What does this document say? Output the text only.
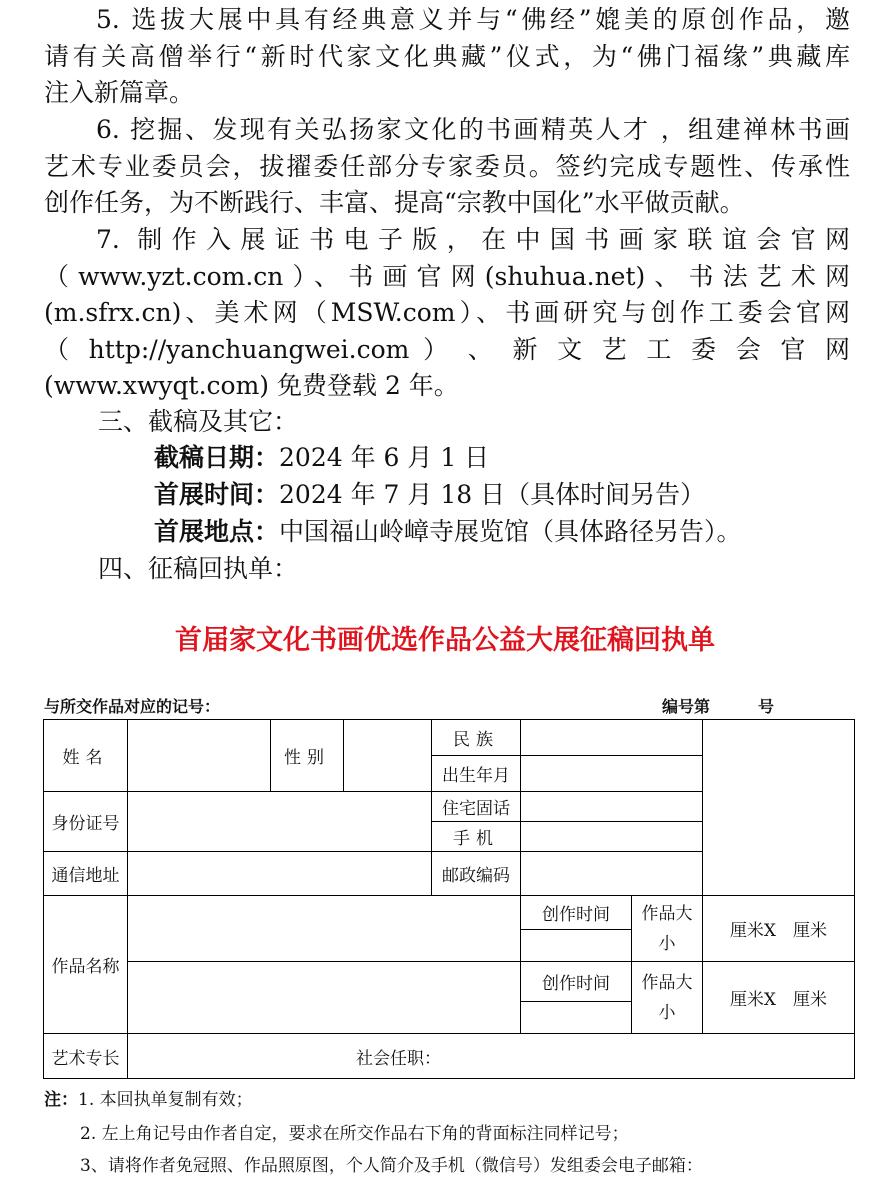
5. 选拔大展中具有经典意义并与“佛经”媲美的原创作品，邀
请有关高僧举行“新时代家文化典藏”仪式，为“佛门福缘”典藏库
注入新篇章。
6. 挖掘、发现有关弘扬家文化的书画精英人才 ，组建禅林书画
艺术专业委员会，拔擢委任部分专家委员。签约完成专题性、传承性
创作任务，为不断践行、丰富、提高“宗教中国化”水平做贡献。
7. 制作入展证书电子版，在中国书画家联谊会官网
（www.yzt.com.cn）、书画官网(shuhua.net)、书法艺术网
(m.sfrx.cn)、美术网（MSW.com）、书画研究与创作工委会官网
（ http://yanchuangwei.com ） 、 新 文 艺 工 委 会 官 网
(www.xwyqt.com) 免费登载 2 年。
三、截稿及其它：
截稿日期：2024 年 6 月 1 日
首展时间：2024 年 7 月 18 日（具体时间另告）
首展地点：中国福山岭嶂寺展览馆（具体路径另告）。
四、征稿回执单：
首届家文化书画优选作品公益大展征稿回执单
与所交作品对应的记号：	编号第　　　号
姓名		性别		民族			
				出生年月			
身份证号				住宅固话			
				手机			
通信地址				邮政编码			
作品名称					创作时间	作品大小	厘米X　厘米

					创作时间	作品大小	厘米X　厘米

艺术专长	社会任职：						
注：1. 本回执单复制有效；
2. 左上角记号由作者自定，要求在所交作品右下角的背面标注同样记号；
3、请将作者免冠照、作品照原图，个人简介及手机（微信号）发组委会电子邮箱：
